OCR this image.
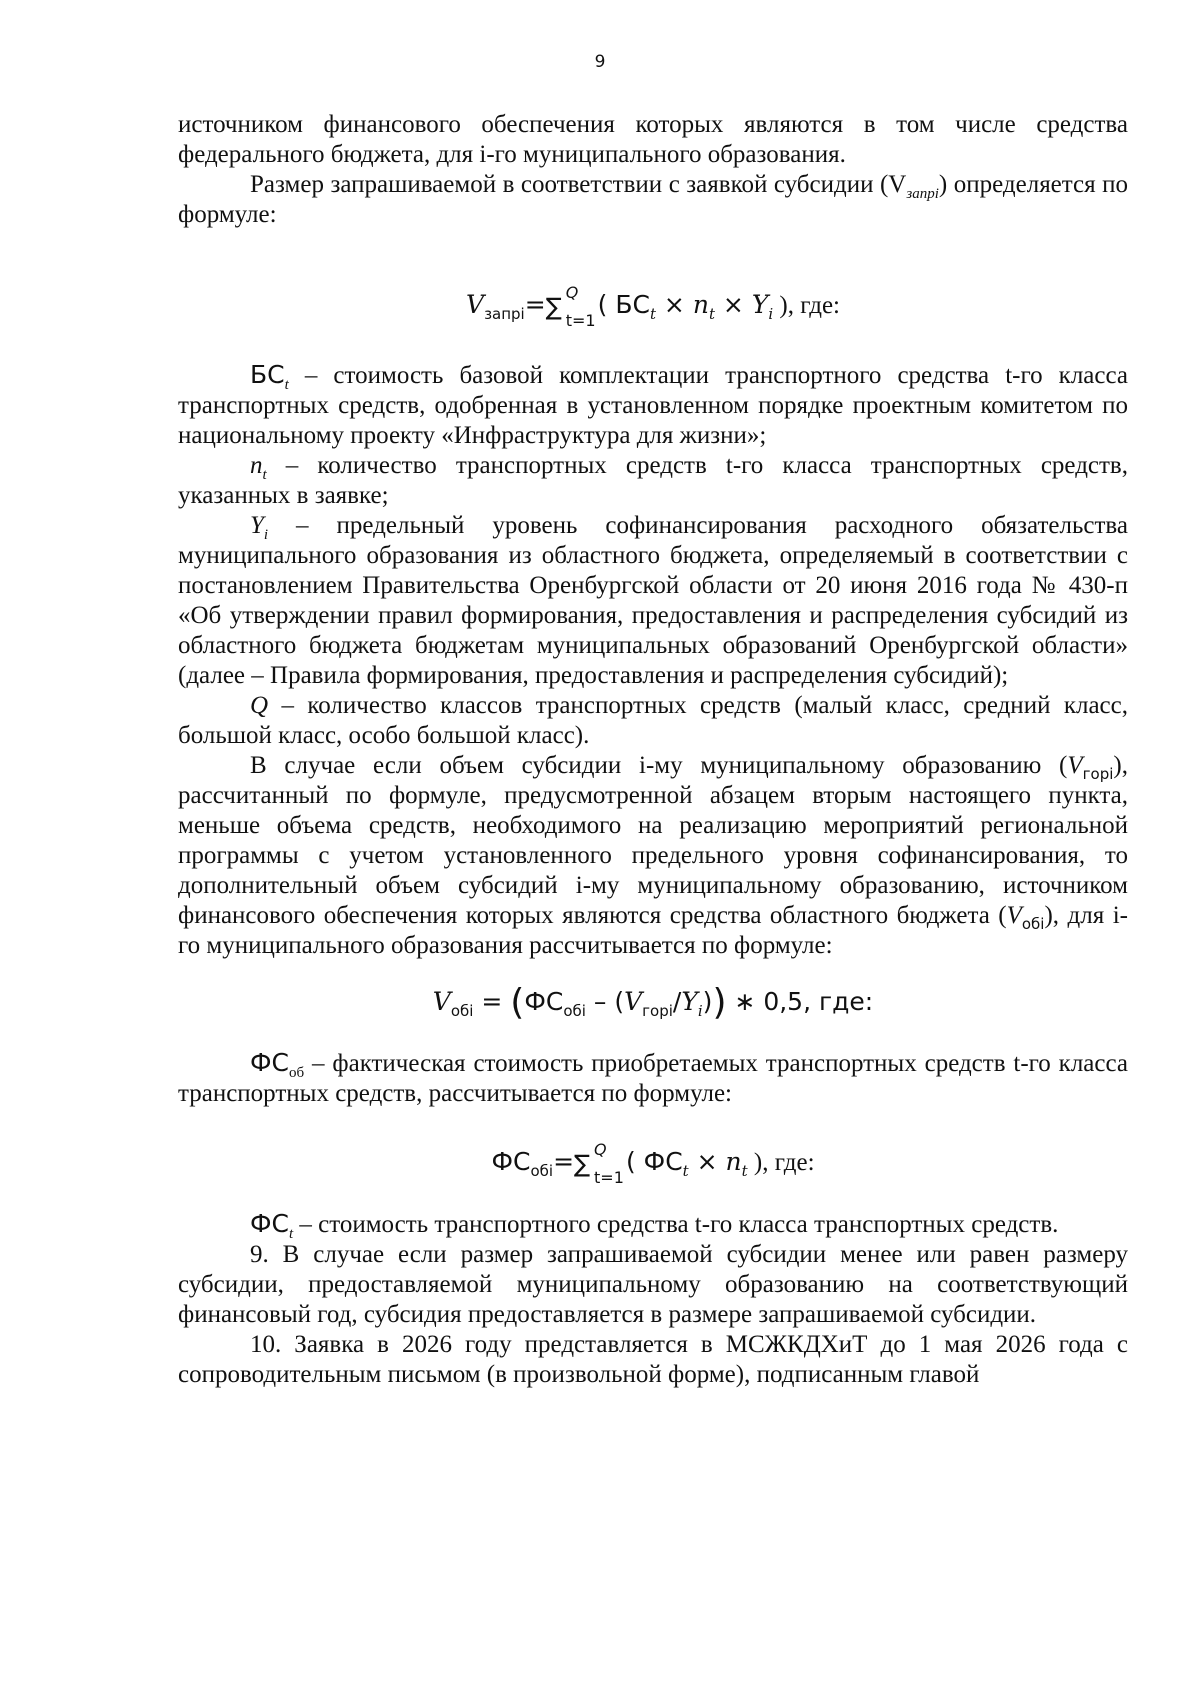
9

источником финансового обеспечения которых являются в том числе средства федерального бюджета, для i-го муниципального образования.

Размер запрашиваемой в соответствии с заявкой субсидии $(V_{запрi})$ определяется по формуле:

$V_{запрi}=$ ∑
Q
t=1
( $БС_t \times n_t \times Y_i$ ), где:

$БС_t$ – стоимость базовой комплектации транспортного средства t-го класса транспортных средств, одобренная в установленном порядке проектным комитетом по национальному проекту «Инфраструктура для жизни»;

$n_t$ – количество транспортных средств t-го класса транспортных средств, указанных в заявке;

$Y_i$ – предельный уровень софинансирования расходного обязательства муниципального образования из областного бюджета, определяемый в соответствии с постановлением Правительства Оренбургской области от 20 июня 2016 года № 430-п «Об утверждении правил формирования, предоставления и распределения субсидий из областного бюджета бюджетам муниципальных образований Оренбургской области» (далее – Правила формирования, предоставления и распределения субсидий);

Q – количество классов транспортных средств (малый класс, средний класс, большой класс, особо большой класс).

В случае если объем субсидии i-му муниципальному образованию $(V_{горi})$, рассчитанный по формуле, предусмотренной абзацем вторым настоящего пункта, меньше объема средств, необходимого на реализацию мероприятий региональной программы с учетом установленного предельного уровня софинансирования, то дополнительный объем субсидий i-му муниципальному образованию, источником финансового обеспечения которых являются средства областного бюджета $(V_{обi})$, для i-го муниципального образования рассчитывается по формуле:

$V_{обi} = (ФС_{обi} - (V_{горi}/Y_i))$ ∗ 0,5, где:

$ФС_{об}$ – фактическая стоимость приобретаемых транспортных средств t-го класса транспортных средств, рассчитывается по формуле:

$ФС_{обi}=$ ∑
Q
t=1
( $ФС_t \times n_t$ ), где:

$ФС_t$ – стоимость транспортного средства t-го класса транспортных средств.

9. В случае если размер запрашиваемой субсидии менее или равен размеру субсидии, предоставляемой муниципальному образованию на соответствующий финансовый год, субсидия предоставляется в размере запрашиваемой субсидии.

10. Заявка в 2026 году представляется в МСЖКДХиТ до 1 мая 2026 года с сопроводительным письмом (в произвольной форме), подписанным главой
